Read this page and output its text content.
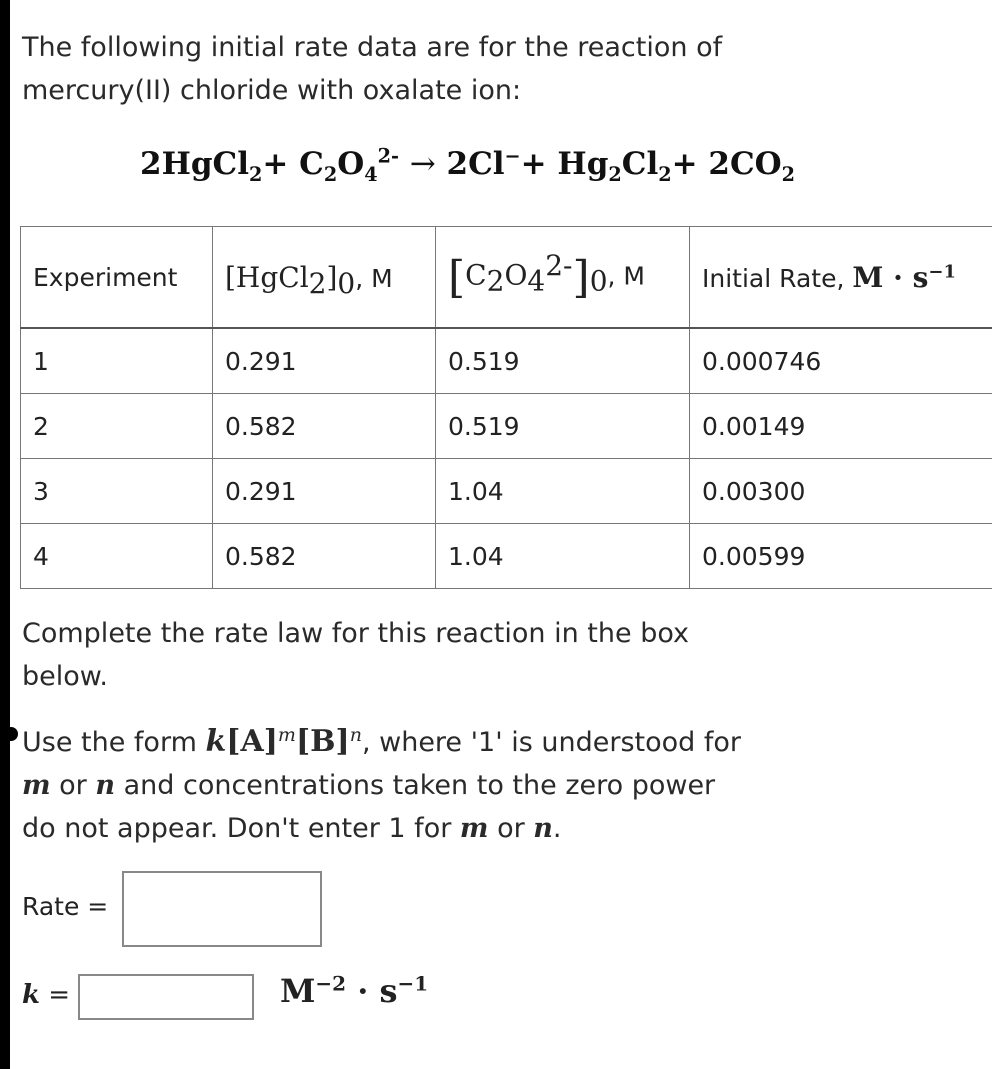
The following initial rate data are for the reaction of
mercury(II) chloride with oxalate ion:
2HgCl$_2$+ $C_2O_4^{2-} \to 2Cl^-+ Hg_2Cl_2+ 2CO_2$
Experiment	$[HgCl_2]_0$, M	$[C_2O_4^{2-}]_0$, M	Initial Rate, $M \cdot s^{-1}$
1	0.291	0.519	0.000746
2	0.582	0.519	0.00149
3	0.291	1.04	0.00300
4	0.582	1.04	0.00599
Complete the rate law for this reaction in the box
below.
Use the form $k[A]^m[B]^n$, where '1' is understood for
m or n and concentrations taken to the zero power
do not appear. Don't enter 1 for m or n.
Rate =
k =	$M^{-2} \cdot s^{-1}$
